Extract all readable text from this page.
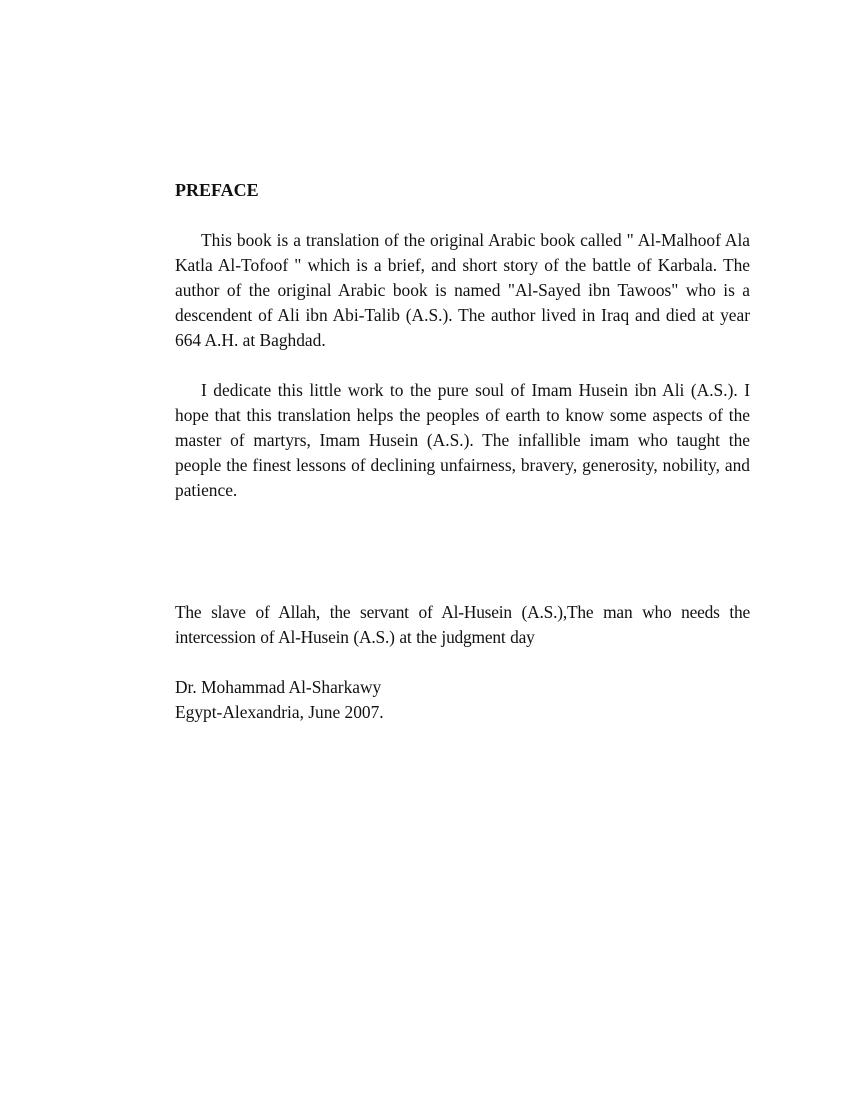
PREFACE

This book is a translation of the original Arabic book called " Al-Malhoof Ala Katla Al-Tofoof " which is a brief, and short story of the battle of Karbala. The author of the original Arabic book is named "Al-Sayed ibn Tawoos" who is a descendent of Ali ibn Abi-Talib (A.S.). The author lived in Iraq and died at year 664 A.H. at Baghdad.

I dedicate this little work to the pure soul of Imam Husein ibn Ali (A.S.). I hope that this translation helps the peoples of earth to know some aspects of the master of martyrs, Imam Husein (A.S.). The infallible imam who taught the people the finest lessons of declining unfairness, bravery, generosity, nobility, and patience.

The slave of Allah, the servant of Al-Husein (A.S.),The man who needs the intercession of Al-Husein (A.S.) at the judgment day

Dr. Mohammad Al-Sharkawy
Egypt-Alexandria, June 2007.
